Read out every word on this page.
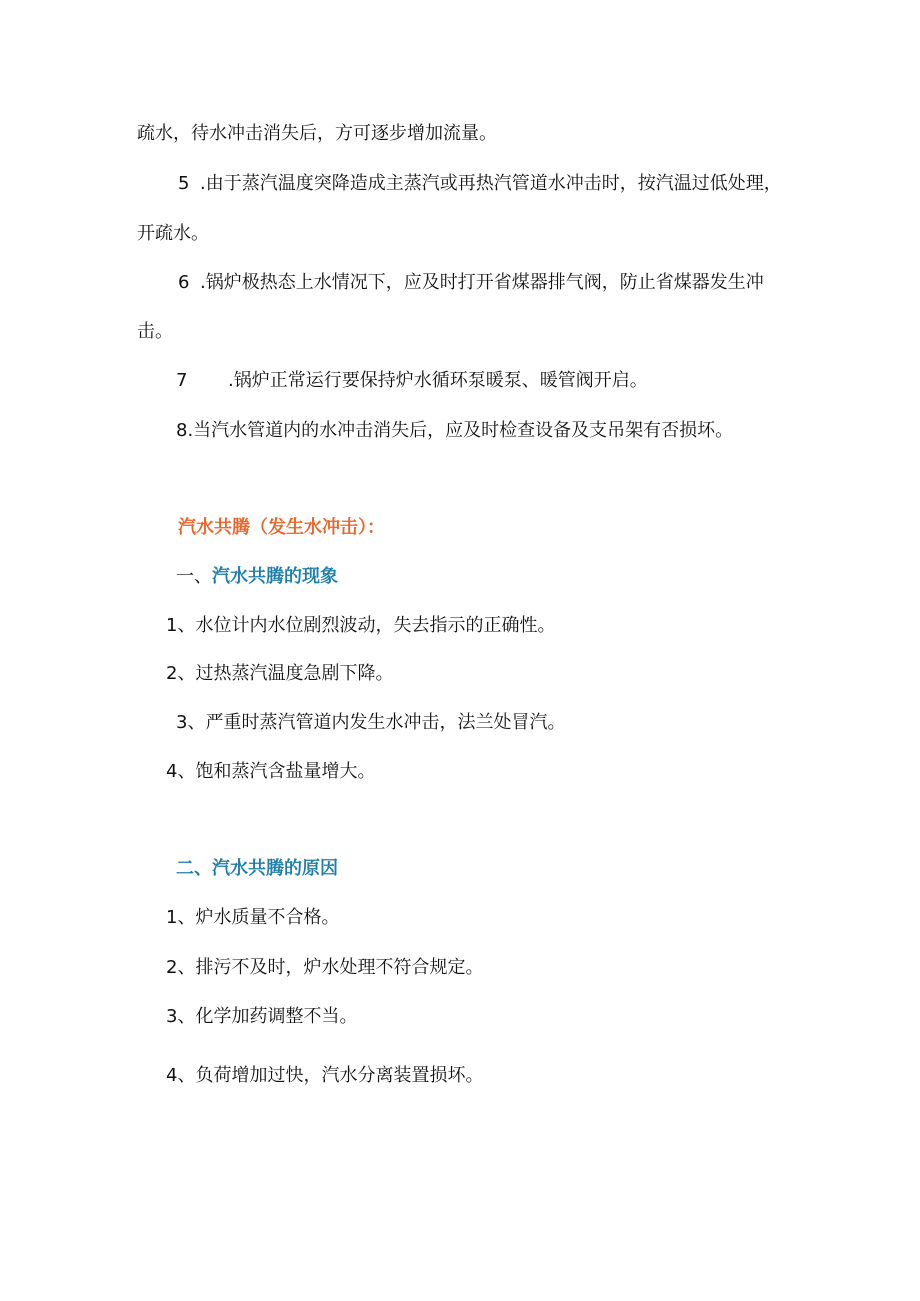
疏水，待水冲击消失后，方可逐步增加流量。
5 .由于蒸汽温度突降造成主蒸汽或再热汽管道水冲击时，按汽温过低处理，
开疏水。
6 .锅炉极热态上水情况下，应及时打开省煤器排气阀，防止省煤器发生冲
击。
7 .锅炉正常运行要保持炉水循环泵暖泵、暖管阀开启。
8.当汽水管道内的水冲击消失后，应及时检查设备及支吊架有否损坏。
汽水共腾（发生水冲击）：
一、汽水共腾的现象
1、水位计内水位剧烈波动，失去指示的正确性。
2、过热蒸汽温度急剧下降。
3、严重时蒸汽管道内发生水冲击，法兰处冒汽。
4、饱和蒸汽含盐量增大。
二、汽水共腾的原因
1、炉水质量不合格。
2、排污不及时，炉水处理不符合规定。
3、化学加药调整不当。
4、负荷增加过快，汽水分离装置损坏。
